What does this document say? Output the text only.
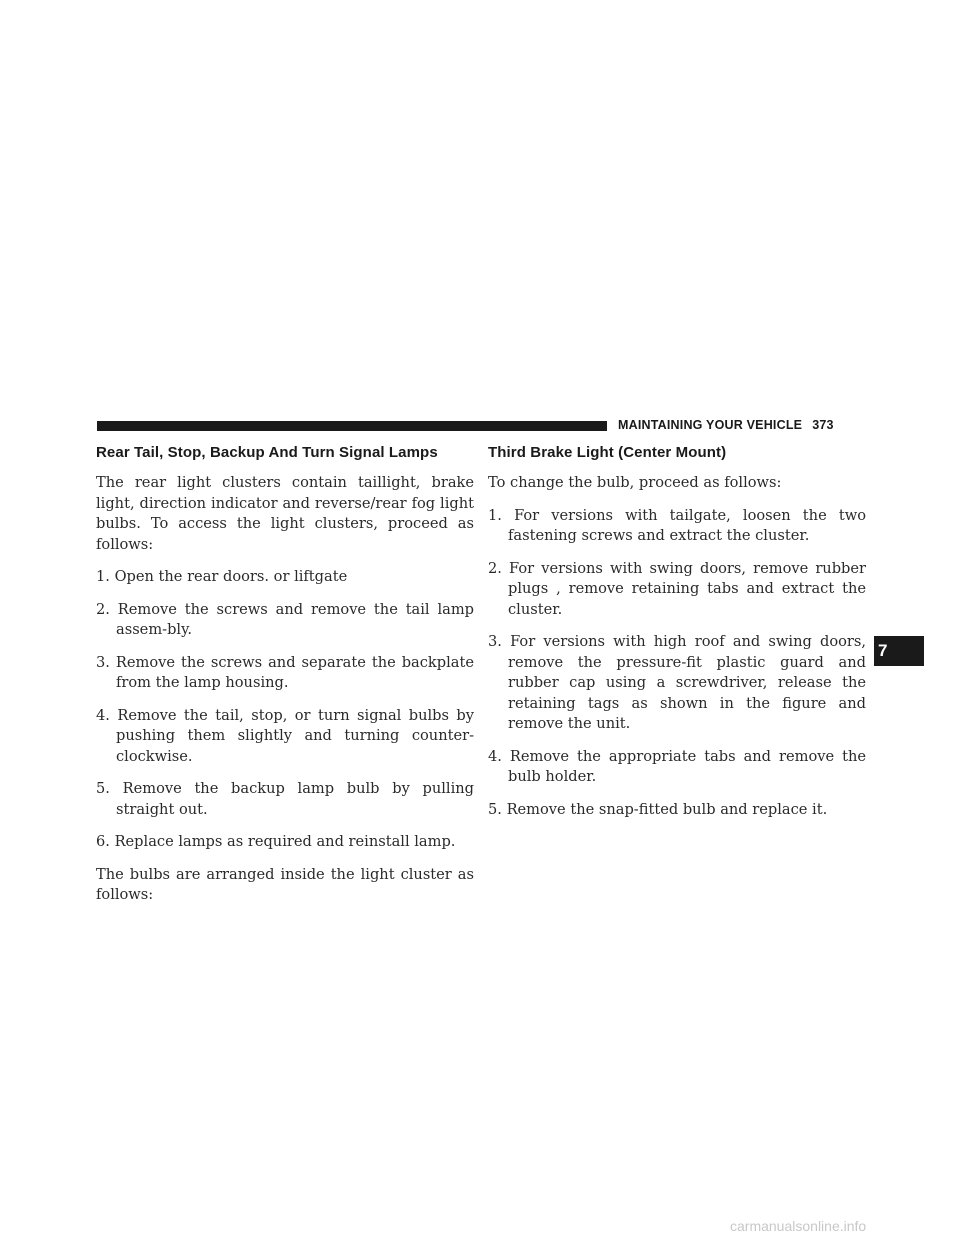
MAINTAINING YOUR VEHICLE 373
Rear Tail, Stop, Backup And Turn Signal Lamps

The rear light clusters contain taillight, brake light, direction indicator and reverse/rear fog light bulbs. To access the light clusters, proceed as follows:

1. Open the rear doors. or liftgate
2. Remove the screws and remove the tail lamp assem-bly.
3. Remove the screws and separate the backplate from the lamp housing.
4. Remove the tail, stop, or turn signal bulbs by pushing them slightly and turning counter-clockwise.
5. Remove the backup lamp bulb by pulling straight out.
6. Replace lamps as required and reinstall lamp.

The bulbs are arranged inside the light cluster as follows:

Third Brake Light (Center Mount)

To change the bulb, proceed as follows:

1. For versions with tailgate, loosen the two fastening screws and extract the cluster.
2. For versions with swing doors, remove rubber plugs , remove retaining tabs and extract the cluster.
3. For versions with high roof and swing doors, remove the pressure-fit plastic guard and rubber cap using a screwdriver, release the retaining tags as shown in the figure and remove the unit.
4. Remove the appropriate tabs and remove the bulb holder.
5. Remove the snap-fitted bulb and replace it.
7
carmanualsonline.info
